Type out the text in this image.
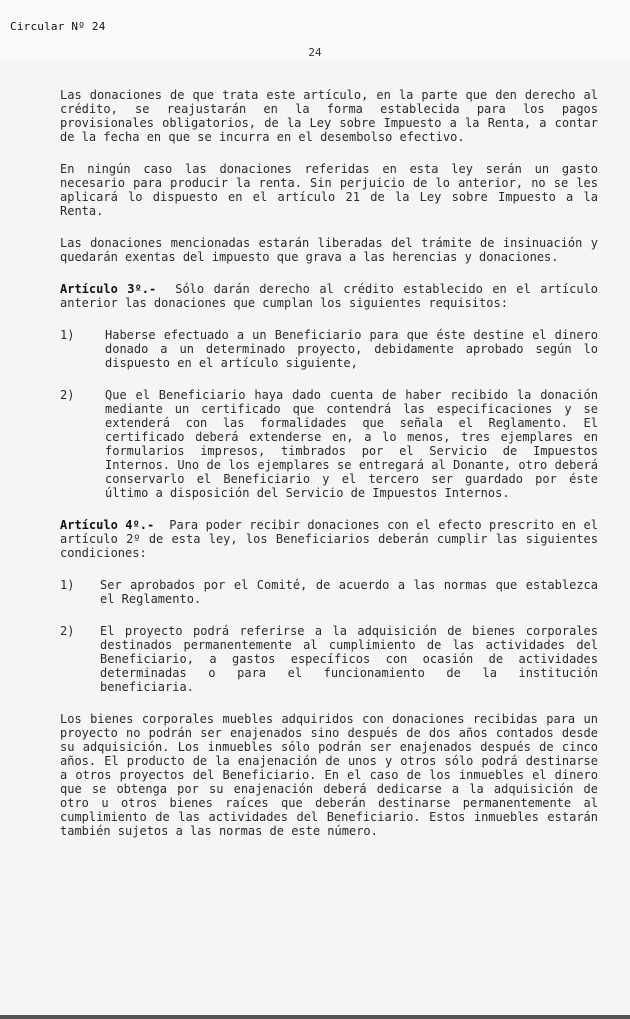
Circular Nº 24
24

Las donaciones de que trata este artículo, en la parte que den derecho al crédito, se reajustarán en la forma establecida para los pagos provisionales obligatorios, de la Ley sobre Impuesto a la Renta, a contar de la fecha en que se incurra en el desembolso efectivo.

En ningún caso las donaciones referidas en esta ley serán un gasto necesario para producir la renta. Sin perjuicio de lo anterior, no se les aplicará lo dispuesto en el artículo 21 de la Ley sobre Impuesto a la Renta.

Las donaciones mencionadas estarán liberadas del trámite de insinuación y quedarán exentas del impuesto que grava a las herencias y donaciones.

Artículo 3º.- Sólo darán derecho al crédito establecido en el artículo anterior las donaciones que cumplan los siguientes requisitos:

1)	Haberse efectuado a un Beneficiario para que éste destine el dinero donado a un determinado proyecto, debidamente aprobado según lo dispuesto en el artículo siguiente,
2)	Que el Beneficiario haya dado cuenta de haber recibido la donación mediante un certificado que contendrá las especificaciones y se extenderá con las formalidades que señala el Reglamento. El certificado deberá extenderse en, a lo menos, tres ejemplares en formularios impresos, timbrados por el Servicio de Impuestos Internos. Uno de los ejemplares se entregará al Donante, otro deberá conservarlo el Beneficiario y el tercero ser guardado por éste último a disposición del Servicio de Impuestos Internos.

Artículo 4º.- Para poder recibir donaciones con el efecto prescrito en el artículo 2º de esta ley, los Beneficiarios deberán cumplir las siguientes condiciones:

1) Ser aprobados por el Comité, de acuerdo a las normas que establezca el Reglamento.
2) El proyecto podrá referirse a la adquisición de bienes corporales destinados permanentemente al cumplimiento de las actividades del Beneficiario, a gastos específicos con ocasión de actividades determinadas o para el funcionamiento de la institución beneficiaria.

Los bienes corporales muebles adquiridos con donaciones recibidas para un proyecto no podrán ser enajenados sino después de dos años contados desde su adquisición. Los inmuebles sólo podrán ser enajenados después de cinco años. El producto de la enajenación de unos y otros sólo podrá destinarse a otros proyectos del Beneficiario. En el caso de los inmuebles el dinero que se obtenga por su enajenación deberá dedicarse a la adquisición de otro u otros bienes raíces que deberán destinarse permanentemente al cumplimiento de las actividades del Beneficiario. Estos inmuebles estarán también sujetos a las normas de este número.
